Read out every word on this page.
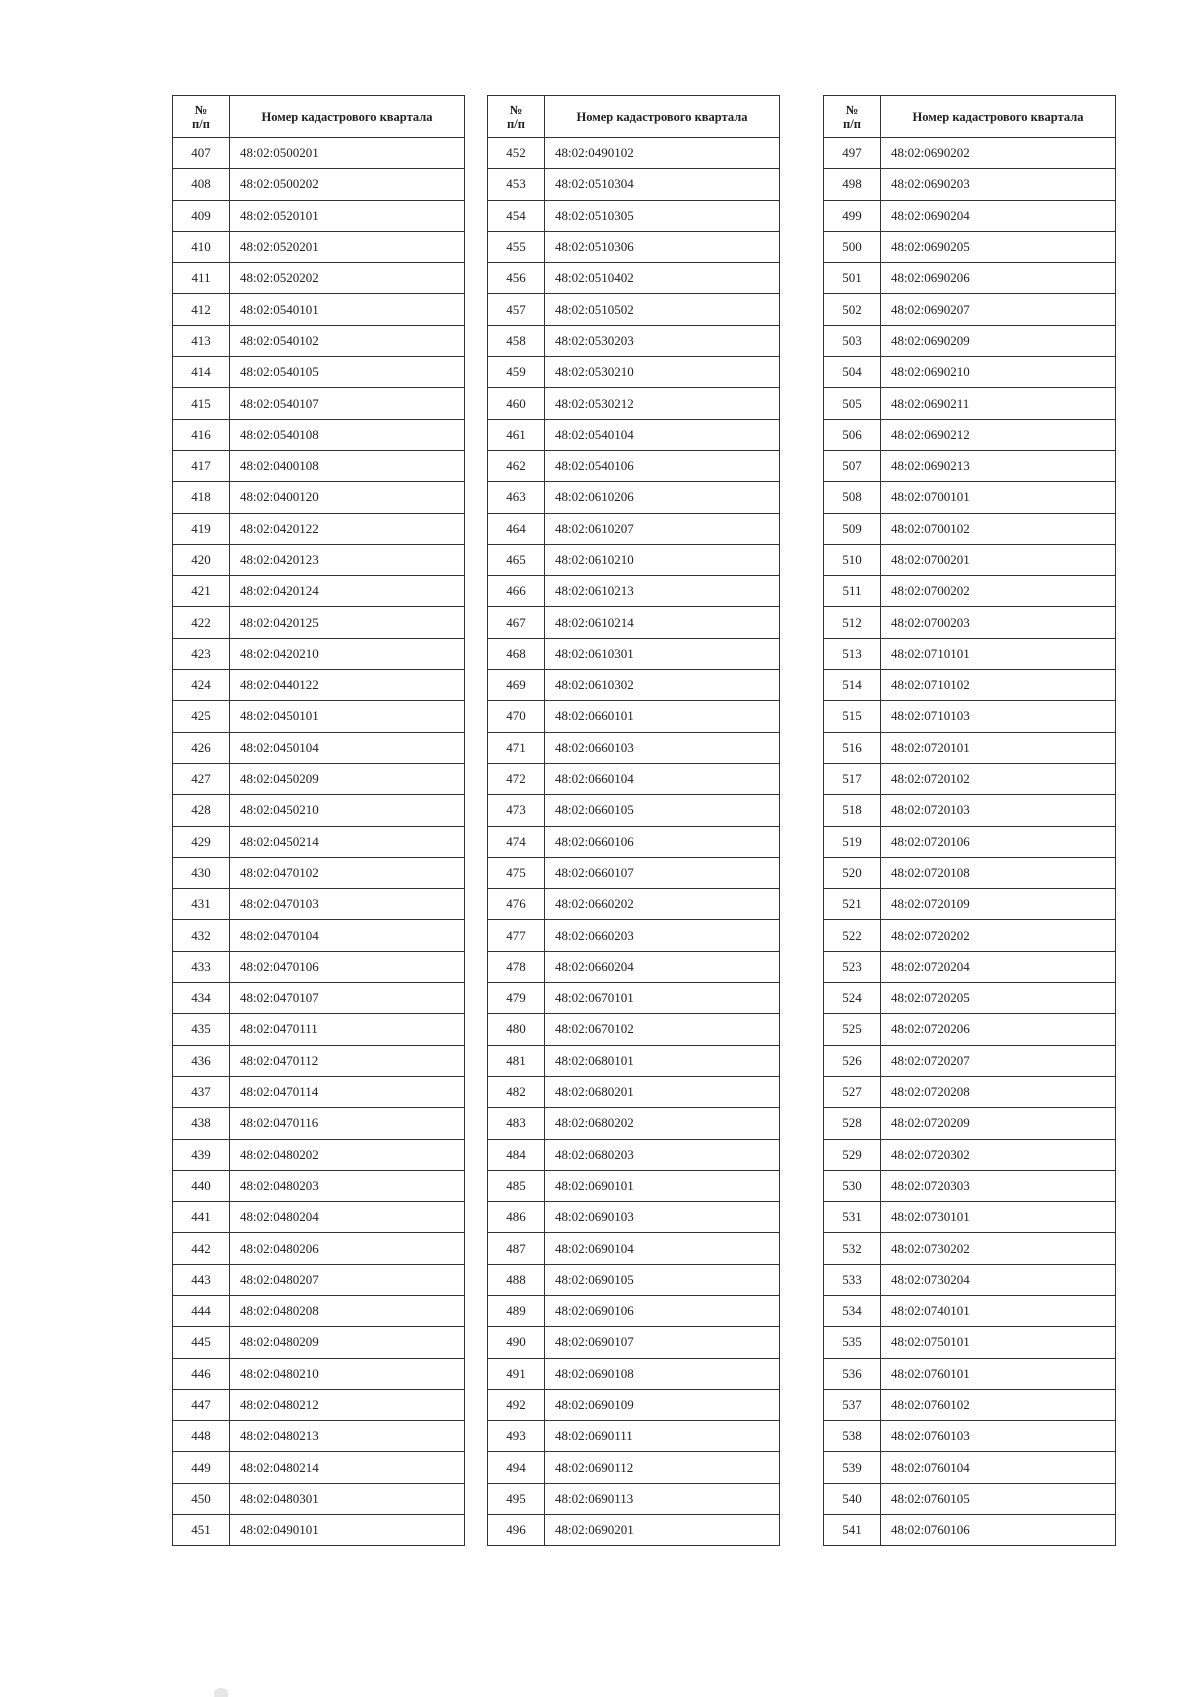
№
п/п	Номер кадастрового квартала
407	48:02:0500201
408	48:02:0500202
409	48:02:0520101
410	48:02:0520201
411	48:02:0520202
412	48:02:0540101
413	48:02:0540102
414	48:02:0540105
415	48:02:0540107
416	48:02:0540108
417	48:02:0400108
418	48:02:0400120
419	48:02:0420122
420	48:02:0420123
421	48:02:0420124
422	48:02:0420125
423	48:02:0420210
424	48:02:0440122
425	48:02:0450101
426	48:02:0450104
427	48:02:0450209
428	48:02:0450210
429	48:02:0450214
430	48:02:0470102
431	48:02:0470103
432	48:02:0470104
433	48:02:0470106
434	48:02:0470107
435	48:02:0470111
436	48:02:0470112
437	48:02:0470114
438	48:02:0470116
439	48:02:0480202
440	48:02:0480203
441	48:02:0480204
442	48:02:0480206
443	48:02:0480207
444	48:02:0480208
445	48:02:0480209
446	48:02:0480210
447	48:02:0480212
448	48:02:0480213
449	48:02:0480214
450	48:02:0480301
451	48:02:0490101
№
п/п	Номер кадастрового квартала
452	48:02:0490102
453	48:02:0510304
454	48:02:0510305
455	48:02:0510306
456	48:02:0510402
457	48:02:0510502
458	48:02:0530203
459	48:02:0530210
460	48:02:0530212
461	48:02:0540104
462	48:02:0540106
463	48:02:0610206
464	48:02:0610207
465	48:02:0610210
466	48:02:0610213
467	48:02:0610214
468	48:02:0610301
469	48:02:0610302
470	48:02:0660101
471	48:02:0660103
472	48:02:0660104
473	48:02:0660105
474	48:02:0660106
475	48:02:0660107
476	48:02:0660202
477	48:02:0660203
478	48:02:0660204
479	48:02:0670101
480	48:02:0670102
481	48:02:0680101
482	48:02:0680201
483	48:02:0680202
484	48:02:0680203
485	48:02:0690101
486	48:02:0690103
487	48:02:0690104
488	48:02:0690105
489	48:02:0690106
490	48:02:0690107
491	48:02:0690108
492	48:02:0690109
493	48:02:0690111
494	48:02:0690112
495	48:02:0690113
496	48:02:0690201
№
п/п	Номер кадастрового квартала
497	48:02:0690202
498	48:02:0690203
499	48:02:0690204
500	48:02:0690205
501	48:02:0690206
502	48:02:0690207
503	48:02:0690209
504	48:02:0690210
505	48:02:0690211
506	48:02:0690212
507	48:02:0690213
508	48:02:0700101
509	48:02:0700102
510	48:02:0700201
511	48:02:0700202
512	48:02:0700203
513	48:02:0710101
514	48:02:0710102
515	48:02:0710103
516	48:02:0720101
517	48:02:0720102
518	48:02:0720103
519	48:02:0720106
520	48:02:0720108
521	48:02:0720109
522	48:02:0720202
523	48:02:0720204
524	48:02:0720205
525	48:02:0720206
526	48:02:0720207
527	48:02:0720208
528	48:02:0720209
529	48:02:0720302
530	48:02:0720303
531	48:02:0730101
532	48:02:0730202
533	48:02:0730204
534	48:02:0740101
535	48:02:0750101
536	48:02:0760101
537	48:02:0760102
538	48:02:0760103
539	48:02:0760104
540	48:02:0760105
541	48:02:0760106
